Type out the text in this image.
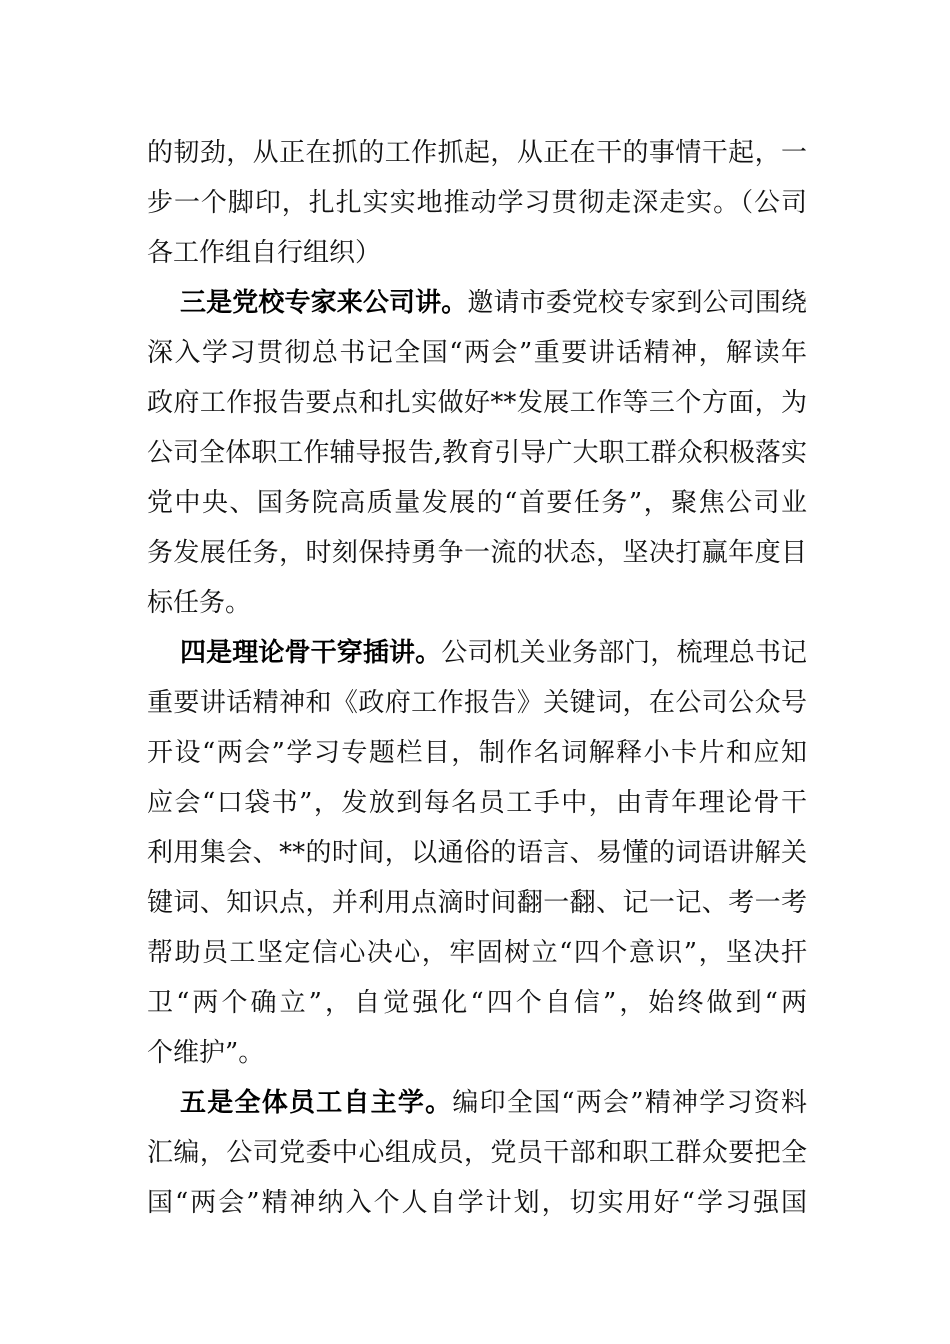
的韧劲，从正在抓的工作抓起，从正在干的事情干起，一
步一个脚印，扎扎实实地推动学习贯彻走深走实。（公司
各工作组自行组织）
三是党校专家来公司讲。邀请市委党校专家到公司围绕
深入学习贯彻总书记全国“两会”重要讲话精神，解读年
政府工作报告要点和扎实做好**发展工作等三个方面，为
公司全体职工作辅导报告,教育引导广大职工群众积极落实
党中央、国务院高质量发展的“首要任务”，聚焦公司业
务发展任务，时刻保持勇争一流的状态，坚决打赢年度目
标任务。
四是理论骨干穿插讲。公司机关业务部门，梳理总书记
重要讲话精神和《政府工作报告》关键词，在公司公众号
开设“两会”学习专题栏目，制作名词解释小卡片和应知
应会“口袋书”，发放到每名员工手中，由青年理论骨干
利用集会、**的时间，以通俗的语言、易懂的词语讲解关
键词、知识点，并利用点滴时间翻一翻、记一记、考一考
帮助员工坚定信心决心，牢固树立“四个意识”，坚决扞
卫“两个确立”，自觉强化“四个自信”，始终做到“两
个维护”。
五是全体员工自主学。编印全国“两会”精神学习资料
汇编，公司党委中心组成员，党员干部和职工群众要把全
国“两会”精神纳入个人自学计划，切实用好“学习强国
